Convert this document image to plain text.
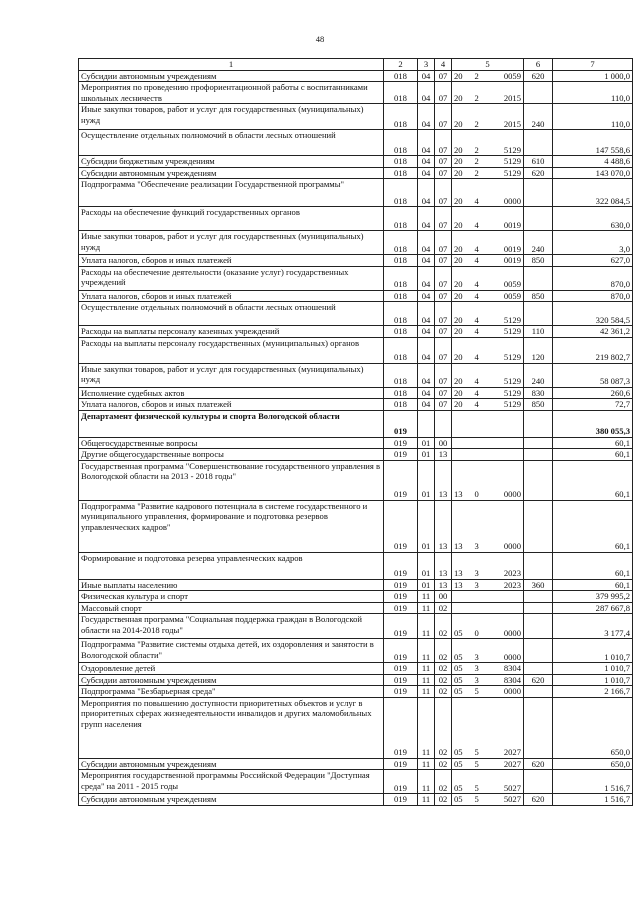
48
1	2	3	4	5			6	7
Субсидии автономным учреждениям	018	04	07	20	2	0059	620	1 000,0
Мероприятия по проведению профориентационной работы с воспитанниками школьных лесничеств	018	04	07	20	2	2015		110,0
Иные закупки товаров, работ и услуг для государственных (муниципальных) нужд	018	04	07	20	2	2015	240	110,0
Осуществление отдельных полномочий в области лесных отношений	018	04	07	20	2	5129		147 558,6
Субсидии бюджетным учреждениям	018	04	07	20	2	5129	610	4 488,6
Субсидии автономным учреждениям	018	04	07	20	2	5129	620	143 070,0
Подпрограмма "Обеспечение реализации Государственной программы"	018	04	07	20	4	0000		322 084,5
Расходы на обеспечение функций государственных органов	018	04	07	20	4	0019		630,0
Иные закупки товаров, работ и услуг для государственных (муниципальных) нужд	018	04	07	20	4	0019	240	3,0
Уплата налогов, сборов и иных платежей	018	04	07	20	4	0019	850	627,0
Расходы на обеспечение деятельности (оказание услуг) государственных учреждений	018	04	07	20	4	0059		870,0
Уплата налогов, сборов и иных платежей	018	04	07	20	4	0059	850	870,0
Осуществление отдельных полномочий в области лесных отношений	018	04	07	20	4	5129		320 584,5
Расходы на выплаты персоналу казенных учреждений	018	04	07	20	4	5129	110	42 361,2
Расходы на выплаты персоналу государственных (муниципальных) органов	018	04	07	20	4	5129	120	219 802,7
Иные закупки товаров, работ и услуг для государственных (муниципальных) нужд	018	04	07	20	4	5129	240	58 087,3
Исполнение судебных актов	018	04	07	20	4	5129	830	260,6
Уплата налогов, сборов и иных платежей	018	04	07	20	4	5129	850	72,7
Департамент физической культуры и спорта Вологодской области	019							380 055,3
Общегосударственные вопросы	019	01	00					60,1
Другие общегосударственные вопросы	019	01	13					60,1
Государственная программа "Совершенствование государственного управления в Вологодской области на 2013 - 2018 годы"	019	01	13	13	0	0000		60,1
Подпрограмма "Развитие кадрового потенциала в системе государственного и муниципального управления, формирование и подготовка резервов управленческих кадров"	019	01	13	13	3	0000		60,1
Формирование и подготовка резерва управленческих кадров	019	01	13	13	3	2023		60,1
Иные выплаты населению	019	01	13	13	3	2023	360	60,1
Физическая культура и спорт	019	11	00					379 995,2
Массовый спорт	019	11	02					287 667,8
Государственная программа "Социальная поддержка граждан в Вологодской области на 2014-2018 годы"	019	11	02	05	0	0000		3 177,4
Подпрограмма "Развитие системы отдыха детей, их оздоровления и занятости в Вологодской области"	019	11	02	05	3	0000		1 010,7
Оздоровление детей	019	11	02	05	3	8304		1 010,7
Субсидии автономным учреждениям	019	11	02	05	3	8304	620	1 010,7
Подпрограмма "Безбарьерная среда"	019	11	02	05	5	0000		2 166,7
Мероприятия по повышению доступности приоритетных объектов и услуг в приоритетных сферах жизнедеятельности инвалидов и других маломобильных групп населения	019	11	02	05	5	2027		650,0
Субсидии автономным учреждениям	019	11	02	05	5	2027	620	650,0
Мероприятия государственной программы Российской Федерации "Доступная среда" на 2011 - 2015 годы	019	11	02	05	5	5027		1 516,7
Субсидии автономным учреждениям	019	11	02	05	5	5027	620	1 516,7
